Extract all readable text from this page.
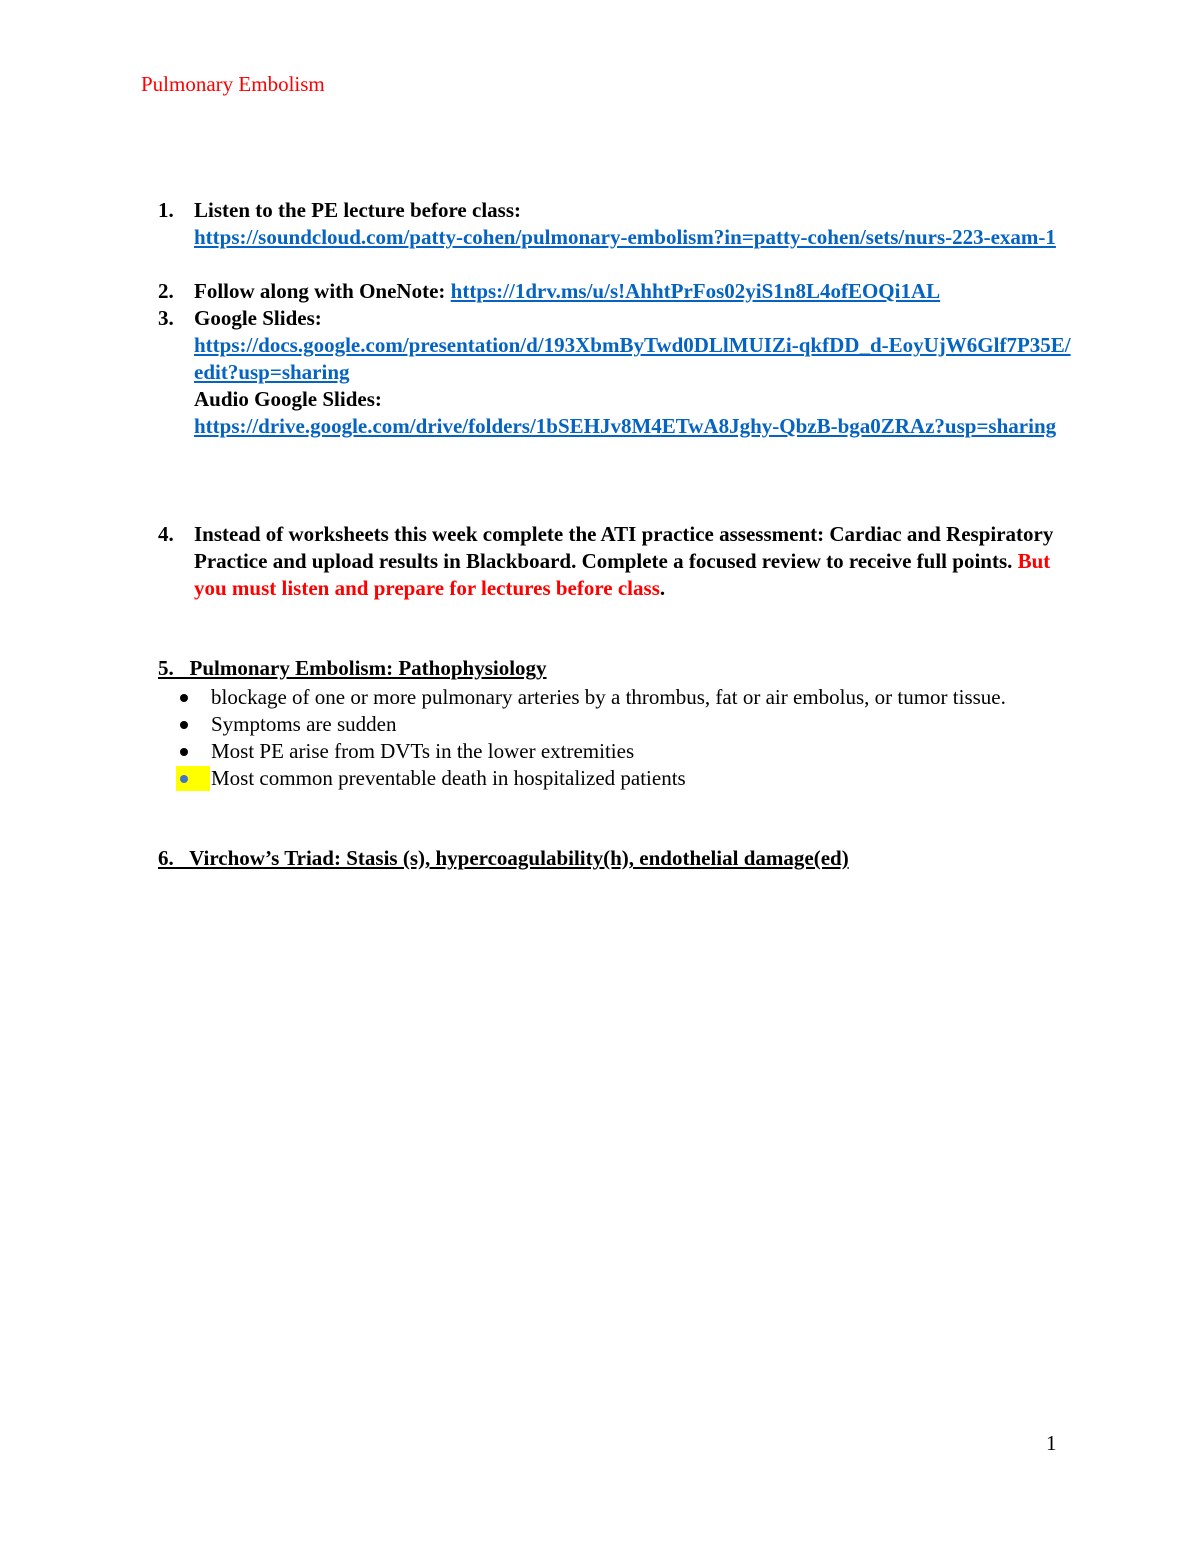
Pulmonary Embolism
1. Listen to the PE lecture before class:
https://soundcloud.com/patty-cohen/pulmonary-embolism?in=patty-cohen/sets/nurs-223-exam-1
2. Follow along with OneNote: https://1drv.ms/u/s!AhhtPrFos02yiS1n8L4ofEOQi1AL
3. Google Slides:
https://docs.google.com/presentation/d/193XbmByTwd0DLlMUIZi-qkfDD_d-EoyUjW6Glf7P35E/edit?usp=sharing
Audio Google Slides:
https://drive.google.com/drive/folders/1bSEHJv8M4ETwA8Jghy-QbzB-bga0ZRAz?usp=sharing
4. Instead of worksheets this week complete the ATI practice assessment: Cardiac and Respiratory Practice and upload results in Blackboard. Complete a focused review to receive full points. But you must listen and prepare for lectures before class.
5.   Pulmonary Embolism: Pathophysiology
blockage of one or more pulmonary arteries by a thrombus, fat or air embolus, or tumor tissue.
Symptoms are sudden
Most PE arise from DVTs in the lower extremities
Most common preventable death in hospitalized patients
6.   Virchow’s Triad: Stasis (s), hypercoagulability(h), endothelial damage(ed)
1
